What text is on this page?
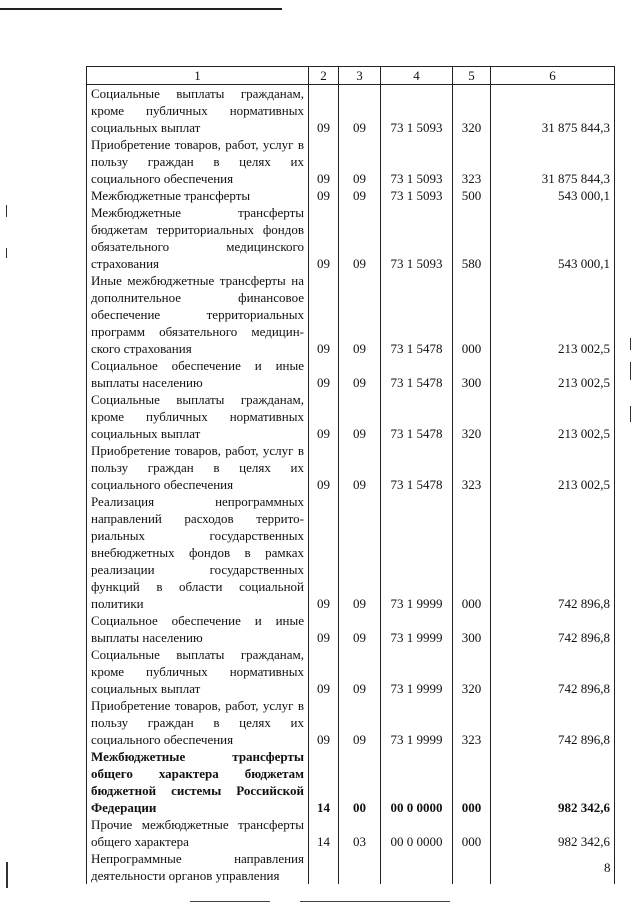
1	2	3	4	5	6
Социальные выплаты гражданам, кроме публичных нормативных социальных выплат	09	09	73 1 5093	320	31 875 844,3
Приобретение товаров, работ, услуг в пользу граждан в целях их социального обеспечения	09	09	73 1 5093	323	31 875 844,3
Межбюджетные трансферты	09	09	73 1 5093	500	543 000,1
Межбюджетные трансферты бюджетам территориальных фондов обязательного медицинского страхования	09	09	73 1 5093	580	543 000,1
Иные межбюджетные трансферты на дополнительное финансовое обеспечение территориальных программ обязательного медицинского страхования	09	09	73 1 5478	000	213 002,5
Социальное обеспечение и иные выплаты населению	09	09	73 1 5478	300	213 002,5
Социальные выплаты гражданам, кроме публичных нормативных социальных выплат	09	09	73 1 5478	320	213 002,5
Приобретение товаров, работ, услуг в пользу граждан в целях их социального обеспечения	09	09	73 1 5478	323	213 002,5
Реализация непрограммных направлений расходов территориальных государственных внебюджетных фондов в рамках реализации государственных функций в области социальной политики	09	09	73 1 9999	000	742 896,8
Социальное обеспечение и иные выплаты населению	09	09	73 1 9999	300	742 896,8
Социальные выплаты гражданам, кроме публичных нормативных социальных выплат	09	09	73 1 9999	320	742 896,8
Приобретение товаров, работ, услуг в пользу граждан в целях их социального обеспечения	09	09	73 1 9999	323	742 896,8
Межбюджетные трансферты общего характера бюджетам бюджетной системы Российской Федерации	14	00	00 0 0000	000	982 342,6
Прочие межбюджетные трансферты общего характера	14	03	00 0 0000	000	982 342,6
Непрограммные направления деятельности органов управления					
8
